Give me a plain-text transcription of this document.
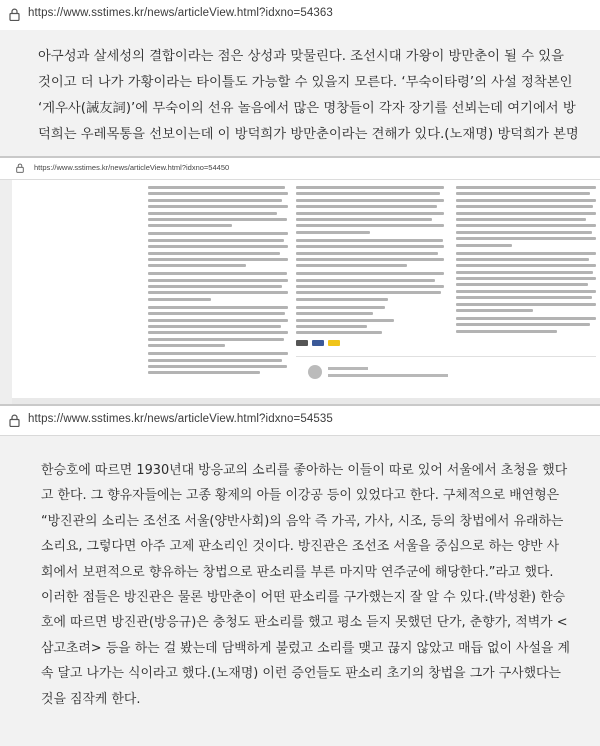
https://www.sstimes.kr/news/articleView.html?idxno=54363
아구성과 살세성의 결합이라는 점은 상성과 맞물린다. 조선시대 가왕이 방만춘이 될 수 있을
것이고 더 나가 가황이라는 타이틀도 가능할 수 있을지 모른다. ‘무숙이타령’의 사설 정착본인
‘게우사(誡友詞)’에 무숙이의 선유 놀음에서 많은 명창들이 각자 장기를 선뵈는데 여기에서 방
덕희는 우레목통을 선보이는데 이 방덕희가 방만춘이라는 견해가 있다.(노재명) 방덕희가 본명
https://www.sstimes.kr/news/articleView.html?idxno=54450
https://www.sstimes.kr/news/articleView.html?idxno=54535
한승호에 따르면 1930년대 방응교의 소리를 좋아하는 이들이 따로 있어 서울에서 초청을 했다
고 한다. 그 향유자들에는 고종 황제의 아들 이강공 등이 있었다고 한다. 구체적으로 배연형은
“방진관의 소리는 조선조 서울(양반사회)의 음악 즉 가곡, 가사, 시조, 등의 창법에서 유래하는
소리요, 그렇다면 아주 고제 판소리인 것이다. 방진관은 조선조 서울을 중심으로 하는 양반 사
회에서 보편적으로 향유하는 창법으로 판소리를 부른 마지막 연주군에 해당한다.”라고 했다.
이러한 점들은 방진관은 물론 방만춘이 어떤 판소리를 구가했는지 잘 알 수 있다.(박성환) 한승
호에 따르면 방진관(방응규)은 충청도 판소리를 했고 평소 듣지 못했던 단가, 춘향가, 적벽가 <
삼고초려> 등을 하는 걸 봤는데 담백하게 불렀고 소리를 맺고 끊지 않았고 매듭 없이 사설을 계
속 달고 나가는 식이라고 했다.(노재명) 이런 증언들도 판소리 초기의 창법을 그가 구사했다는
것을 짐작케 한다.
